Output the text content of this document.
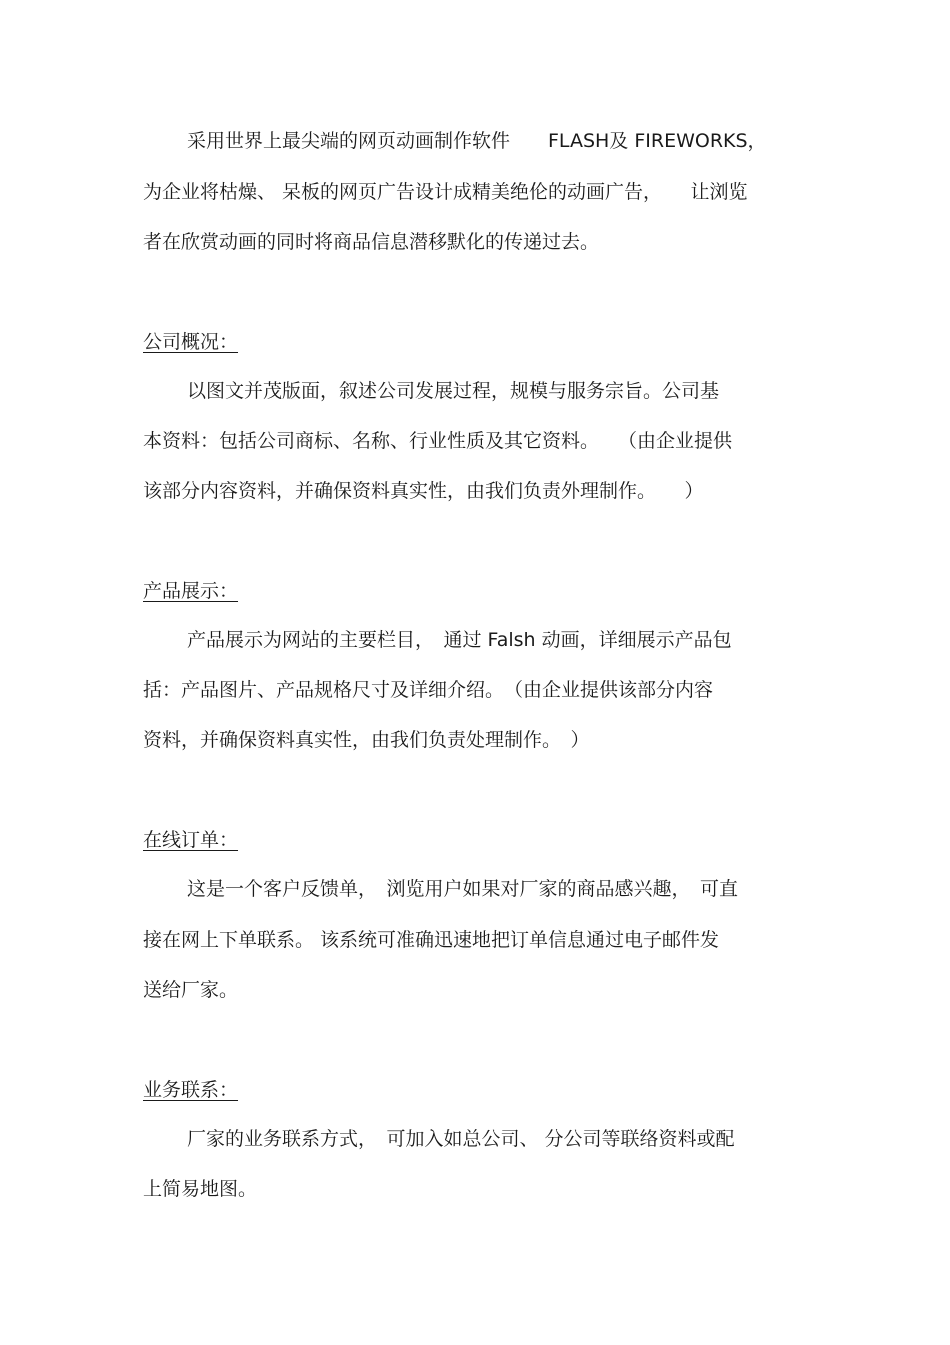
采用世界上最尖端的网页动画制作软件　　FLASH及 FIREWORKS，
为企业将枯燥、 呆板的网页广告设计成精美绝伦的动画广告，　　让浏览
者在欣赏动画的同时将商品信息潜移默化的传递过去。
公司概况：
以图文并茂版面，叙述公司发展过程，规模与服务宗旨。公司基
本资料：包括公司商标、名称、行业性质及其它资料。　　（由企业提供
该部分内容资料，并确保资料真实性，由我们负责外理制作。　　）
产品展示：
产品展示为网站的主要栏目，　通过 Falsh 动画，详细展示产品包
括：产品图片、产品规格尺寸及详细介绍。　（由企业提供该部分内容
资料，并确保资料真实性，由我们负责处理制作。　）
在线订单：
这是一个客户反馈单，　浏览用户如果对厂家的商品感兴趣，　可直
接在网上下单联系。 该系统可准确迅速地把订单信息通过电子邮件发
送给厂家。
业务联系：
厂家的业务联系方式，　可加入如总公司、 分公司等联络资料或配
上简易地图。
